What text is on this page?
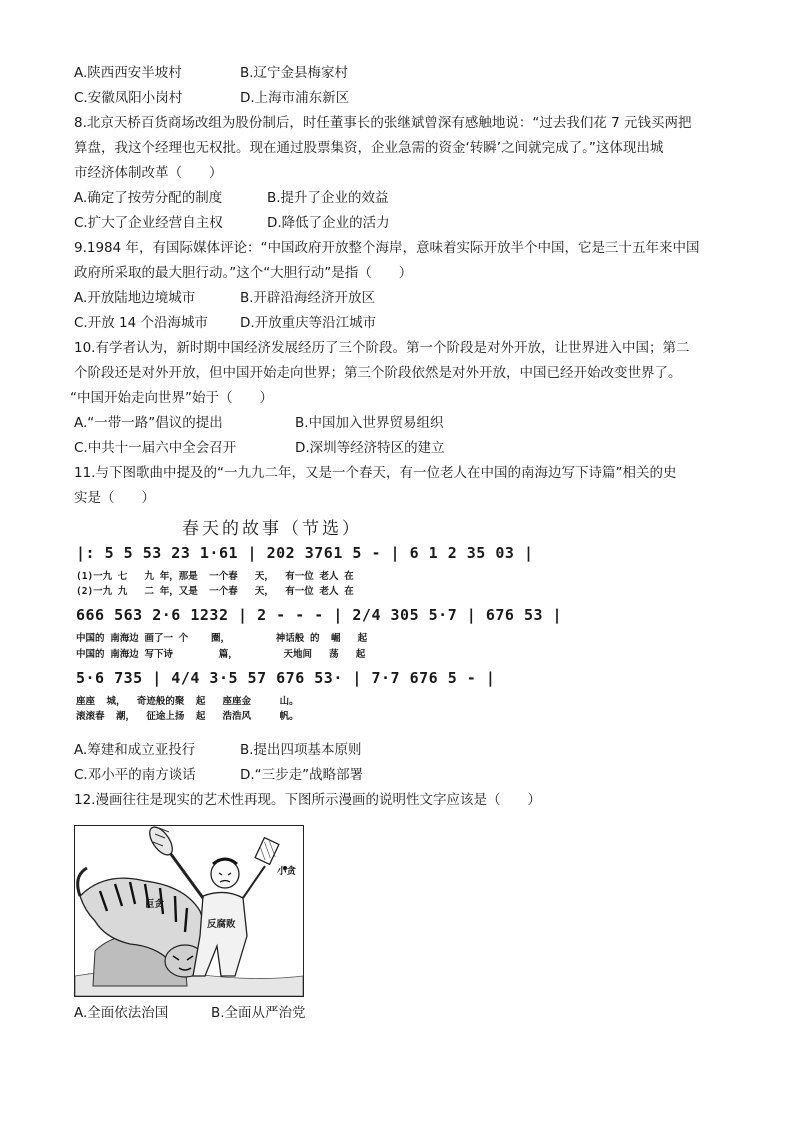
A.陕西西安半坡村	B.辽宁金县梅家村
C.安徽凤阳小岗村	D.上海市浦东新区
8.北京天桥百货商场改组为股份制后，时任董事长的张继斌曾深有感触地说：“过去我们花 7 元钱买两把
算盘，我这个经理也无权批。现在通过股票集资，企业急需的资金‘转瞬’之间就完成了。”这体现出城
市经济体制改革（　　）
A.确定了按劳分配的制度	B.提升了企业的效益
C.扩大了企业经营自主权	D.降低了企业的活力
9.1984 年，有国际媒体评论：“中国政府开放整个海岸，意味着实际开放半个中国，它是三十五年来中国
政府所采取的最大胆行动。”这个“大胆行动”是指（　　）
A.开放陆地边境城市	B.开辟沿海经济开放区
C.开放 14 个沿海城市 D.开放重庆等沿江城市
10.有学者认为，新时期中国经济发展经历了三个阶段。第一个阶段是对外开放，让世界进入中国；第二
个阶段还是对外开放，但中国开始走向世界；第三个阶段依然是对外开放，中国已经开始改变世界了。
“中国开始走向世界”始于（　　）
A.“一带一路”倡议的提出	B.中国加入世界贸易组织
C.中共十一届六中全会召开	D.深圳等经济特区的建立
11.与下图歌曲中提及的“一九九二年，又是一个春天，有一位老人在中国的南海边写下诗篇”相关的史
实是（　　）
春天的故事（节选）
|: 5 5 53 23 1·61 | 202 3761 5 - | 6 1 2 35 03 |
(1)一九 七   九 年，那是  一个春   天，  有一位 老人 在
(2)一九 九   二 年，又是  一个春   天，  有一位 老人 在
666 563 2·6 1232 | 2 - - - | 2/4 305 5·7 | 676 53 |
中国的 南海边 画了一 个    圈，        神话般 的  崛   起
中国的 南海边 写下诗        篇，        天地间   荡   起
5·6 735 | 4/4 3·5 57 676 53· | 7·7 676 5 - |
座座  城，  奇迹般的聚  起   座座金     山。
滚滚春  潮，  征途上扬  起   浩浩风     帆。
A.筹建和成立亚投行	B.提出四项基本原则
C.邓小平的南方谈话	D.“三步走”战略部署
12.漫画往往是现实的艺术性再现。下图所示漫画的说明性文字应该是（　　）
巨贪
小贪
反腐败
A.全面依法治国	B.全面从严治党
